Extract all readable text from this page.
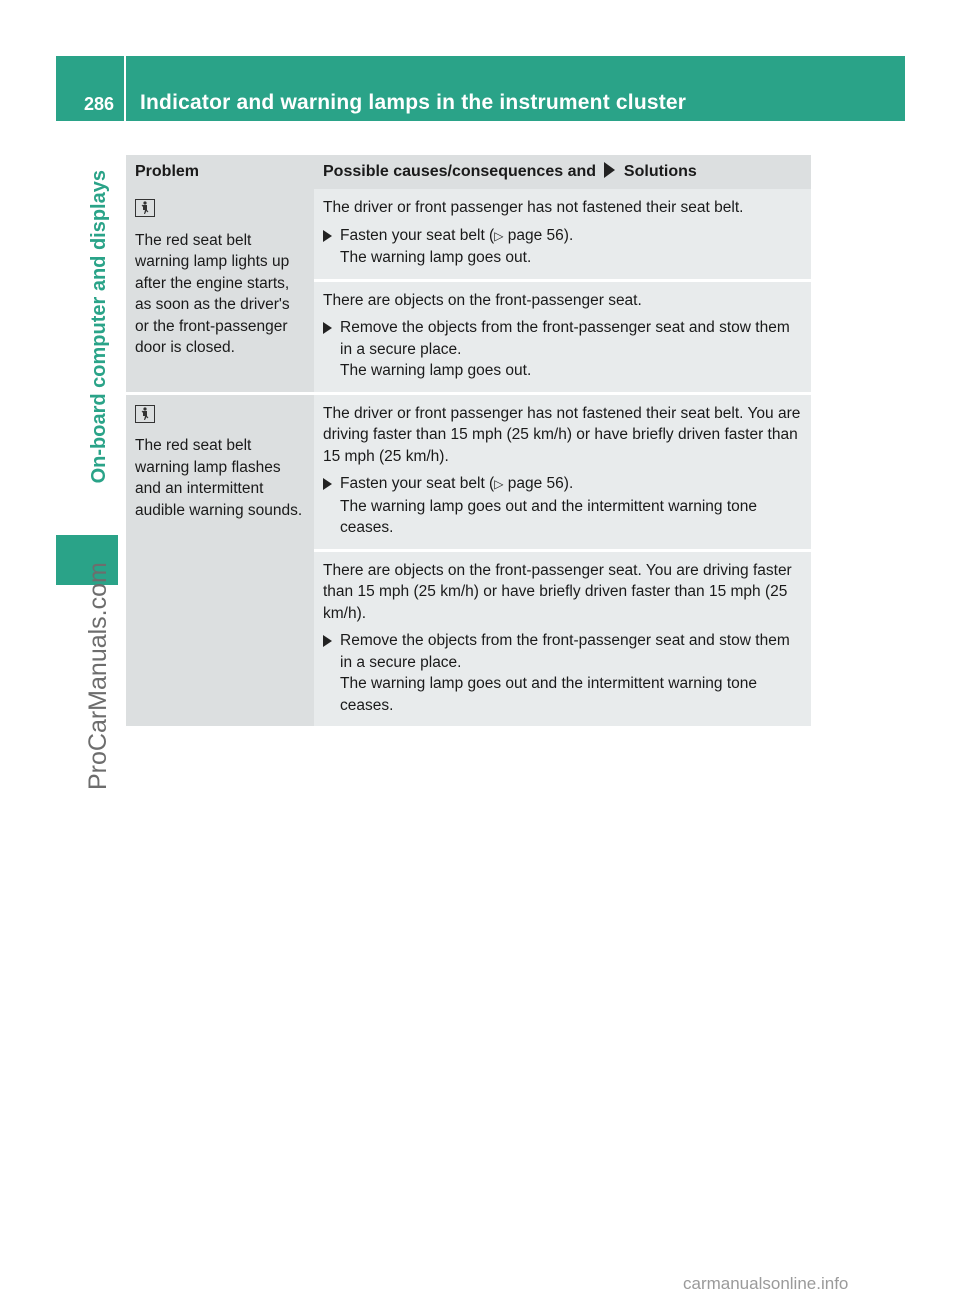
286 Indicator and warning lamps in the instrument cluster
On-board computer and displays
ProCarManuals.com
carmanualsonline.info
Problem	Possible causes/consequences and Solutions

The red seat belt warning lamp lights up after the engine starts, as soon as the driver's or the front-passenger door is closed.	The driver or front passenger has not fastened their seat belt.

Fasten your seat belt (▷ page 56).

The warning lamp goes out.

	There are objects on the front-passenger seat.

Remove the objects from the front-passenger seat and stow them in a secure place.

The warning lamp goes out.

The red seat belt warning lamp flashes and an intermittent audible warning sounds.	The driver or front passenger has not fastened their seat belt. You are driving faster than 15 mph (25 km/h) or have briefly driven faster than 15 mph (25 km/h).

Fasten your seat belt (▷ page 56).

The warning lamp goes out and the intermittent warning tone ceases.

	There are objects on the front-passenger seat. You are driving faster than 15 mph (25 km/h) or have briefly driven faster than 15 mph (25 km/h).

Remove the objects from the front-passenger seat and stow them in a secure place.

The warning lamp goes out and the intermittent warning tone ceases.
